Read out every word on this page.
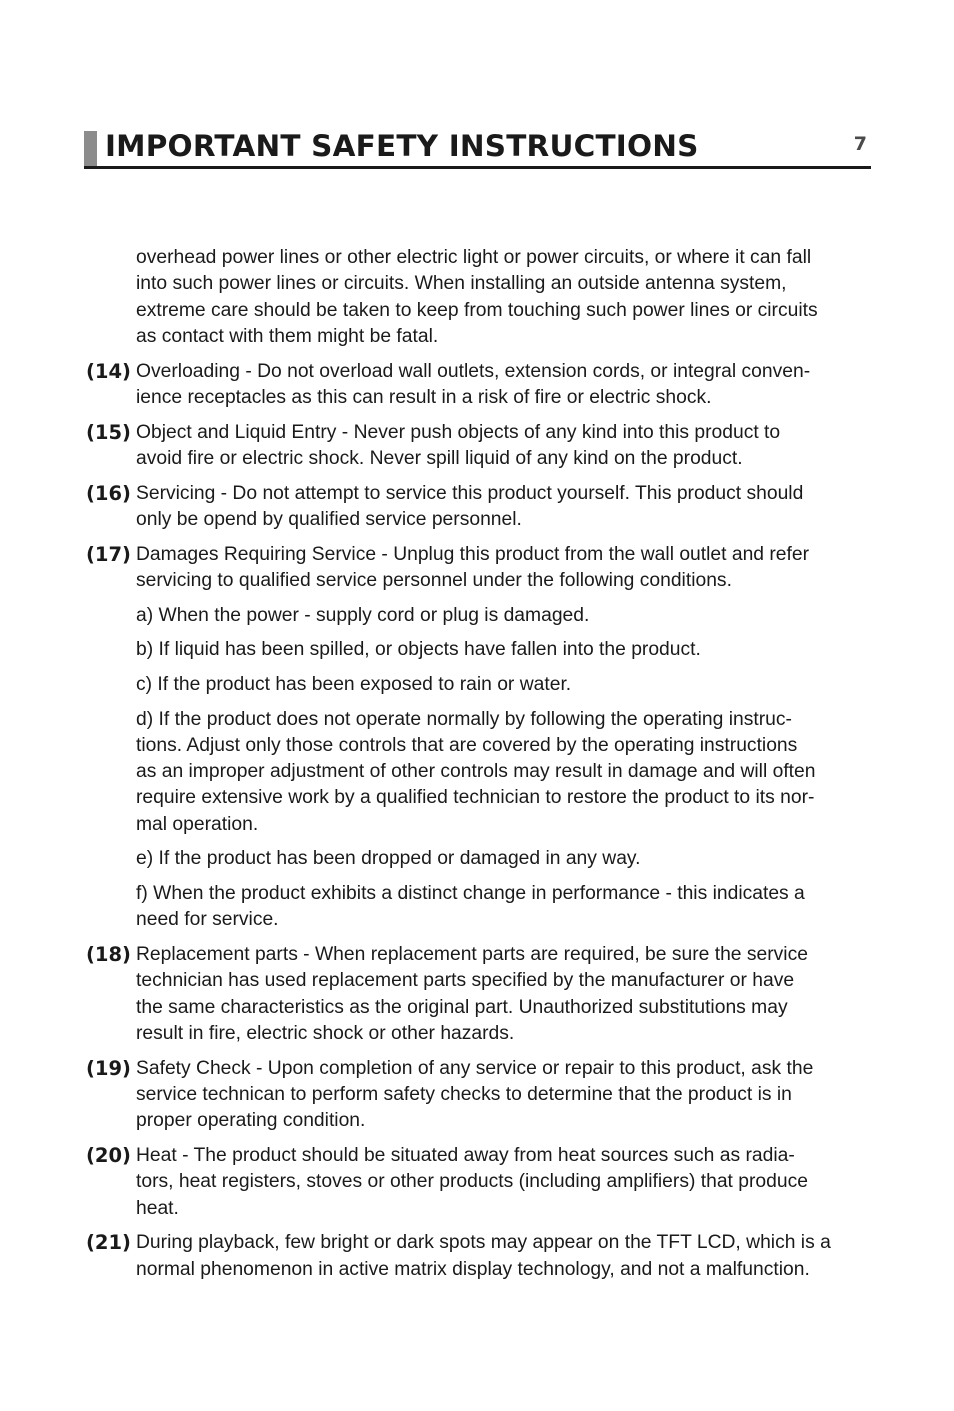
IMPORTANT SAFETY INSTRUCTIONS	7
overhead power lines or other electric light or power circuits, or where it can fall
into such power lines or circuits. When installing an outside antenna system,
extreme care should be taken to keep from touching such power lines or circuits
as contact with them might be fatal.
(14) Overloading - Do not overload wall outlets, extension cords, or integral conven-
ience receptacles as this can result in a risk of fire or electric shock.
(15) Object and Liquid Entry - Never push objects of any kind into this product to
avoid fire or electric shock. Never spill liquid of any kind on the product.
(16) Servicing - Do not attempt to service this product yourself. This product should
only be opend by qualified service personnel.
(17) Damages Requiring Service - Unplug this product from the wall outlet and refer
servicing to qualified service personnel under the following conditions.
a) When the power - supply cord or plug is damaged.
b) If liquid has been spilled, or objects have fallen into the product.
c) If the product has been exposed to rain or water.
d) If the product does not operate normally by following the operating instruc-
tions. Adjust only those controls that are covered by the operating instructions
as an improper adjustment of other controls may result in damage and will often
require extensive work by a qualified technician to restore the product to its nor-
mal operation.
e) If the product has been dropped or damaged in any way.
f) When the product exhibits a distinct change in performance - this indicates a
need for service.
(18) Replacement parts - When replacement parts are required, be sure the service
technician has used replacement parts specified by the manufacturer or have
the same characteristics as the original part. Unauthorized substitutions may
result in fire, electric shock or other hazards.
(19) Safety Check - Upon completion of any service or repair to this product, ask the
service technican to perform safety checks to determine that the product is in
proper operating condition.
(20) Heat - The product should be situated away from heat sources such as radia-
tors, heat registers, stoves or other products (including amplifiers) that produce
heat.
(21) During playback, few bright or dark spots may appear on the TFT LCD, which is a
normal phenomenon in active matrix display technology, and not a malfunction.
